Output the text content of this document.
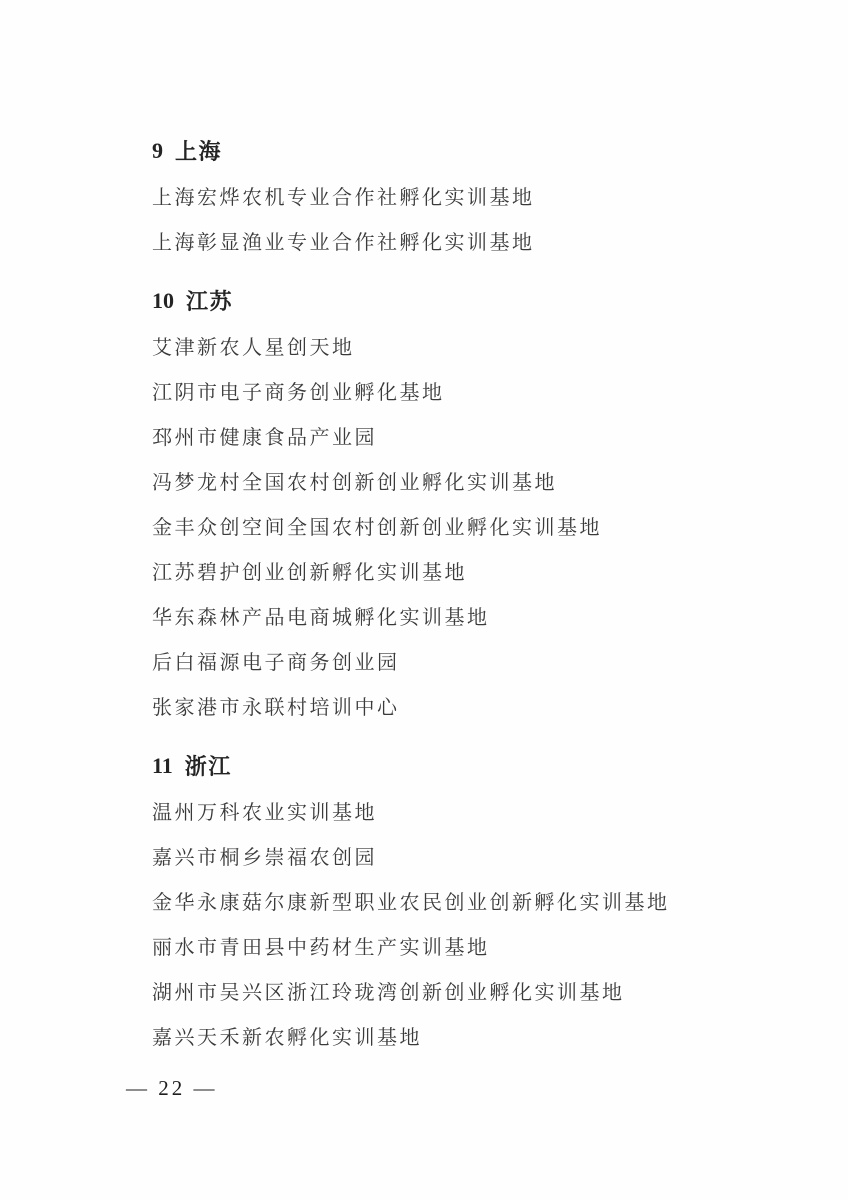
9 上海
上海宏烨农机专业合作社孵化实训基地
上海彰显渔业专业合作社孵化实训基地
10 江苏
艾津新农人星创天地
江阴市电子商务创业孵化基地
邳州市健康食品产业园
冯梦龙村全国农村创新创业孵化实训基地
金丰众创空间全国农村创新创业孵化实训基地
江苏碧护创业创新孵化实训基地
华东森林产品电商城孵化实训基地
后白福源电子商务创业园
张家港市永联村培训中心
11 浙江
温州万科农业实训基地
嘉兴市桐乡崇福农创园
金华永康菇尔康新型职业农民创业创新孵化实训基地
丽水市青田县中药材生产实训基地
湖州市吴兴区浙江玲珑湾创新创业孵化实训基地
嘉兴天禾新农孵化实训基地
— 22 —
